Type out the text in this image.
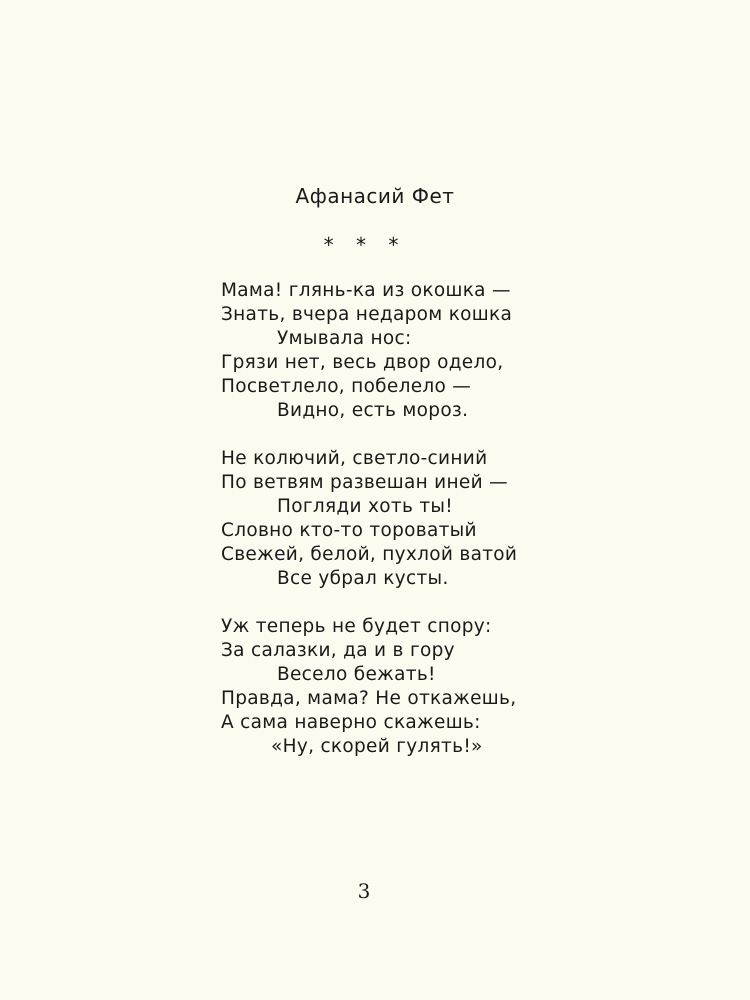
Афанасий Фет
* * *
Мама! глянь-ка из окошка —
Знать, вчера недаром кошка
Умывала нос:
Грязи нет, весь двор одело,
Посветлело, побелело —
Видно, есть мороз.
Не колючий, светло-синий
По ветвям развешан иней —
Погляди хоть ты!
Словно кто-то тороватый
Свежей, белой, пухлой ватой
Все убрал кусты.
Уж теперь не будет спору:
За салазки, да и в гору
Весело бежать!
Правда, мама? Не откажешь,
А сама наверно скажешь:
«Ну, скорей гулять!»
3
